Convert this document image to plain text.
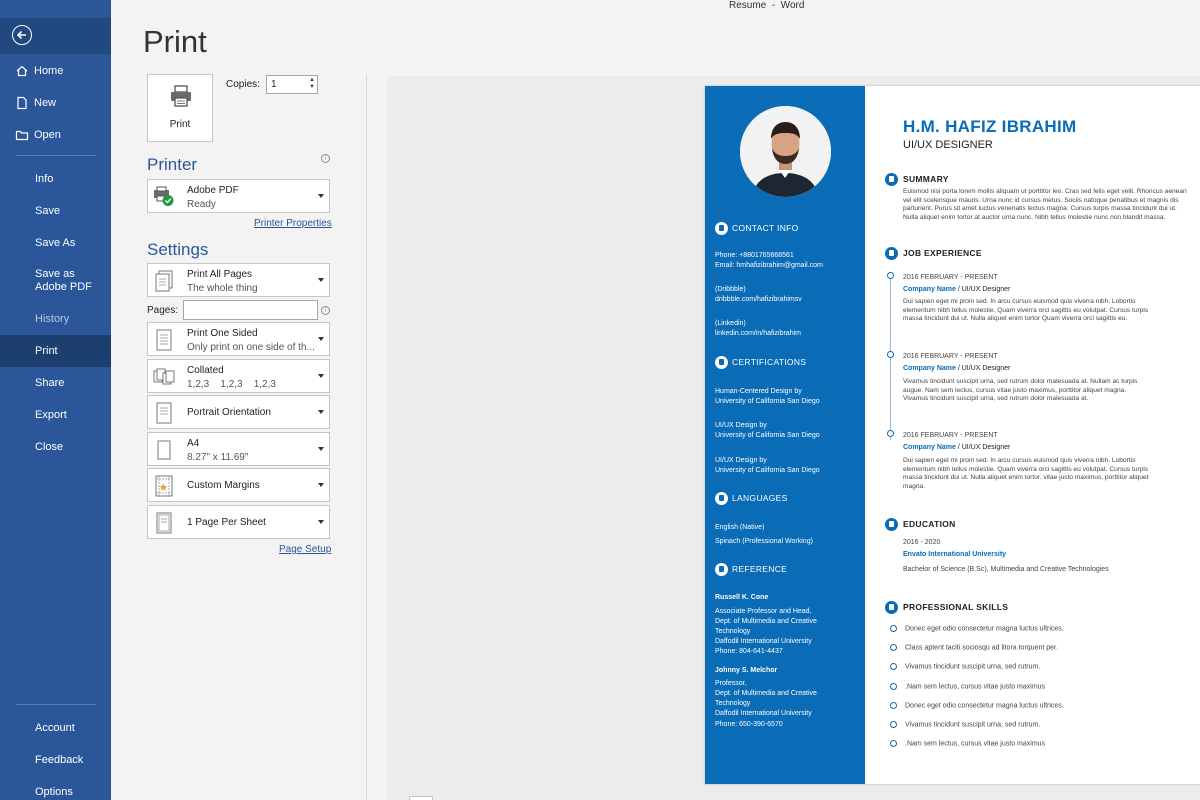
Home
New
Open
Info
Save
Save As
Save as Adobe PDF
History
Print
Share
Export
Close
Account
Feedback
Options
Resume  -  Word
Print
Print
Copies:	1	▲
▼
Printer	i
Adobe PDF
Ready
Printer Properties
Settings
Print All Pages
The whole thing
Pages:	i
Print One Sided
Only print on one side of th...
Collated
1,2,3    1,2,3    1,2,3
Portrait Orientation
A4
8.27" x 11.69"
Custom Margins
1 Page Per Sheet
Page Setup
CONTACT INFO
Phone: +8801765668561
Email: hmhafizibrahim@gmail.com
(Dribbble)
dribbble.com/hafizibrahimsv
(Linkedin)
linkedin.com/in/hafizibrahim
CERTIFICATIONS
Human-Centered Design by
University of California San Diego
UI/UX Design by
University of California San Diego
UI/UX Design by
University of California San Diego
LANGUAGES
English (Native)
Spinach (Professional Working)
REFERENCE
Russell K. Cone
Associate Professor and Head,
Dept. of Multimedia and Creative
Technology
Daffodil International University
Phone: 804-641-4437
Johnny S. Melchor
Professor,
Dept. of Multimedia and Creative
Technology
Daffodil International University
Phone: 650-390-6570
H.M. HAFIZ IBRAHIM
UI/UX DESIGNER
SUMMARY
Euismod nisi porta lorem mollis aliquam ut porttitor leo. Cras sed felis eget velit. Rhoncus aenean vel elit scelerisque mauris. Urna nunc id cursus metus. Sociis natoque penatibus et magnis dis parturient. Purus sit amet luctus venenatis lectus magna. Cursus turpis massa tincidunt dui ut. Nulla aliquet enim tortor at auctor urna nunc. Nibh tellus molestie nunc non blandit massa.
JOB EXPERIENCE
2016 FEBRUARY - PRESENT
Company Name / UI/UX Designer
Dui sapien eget mi proin sed. In arcu cursus euismod quis viverra nibh. Lobortis elementum nibh tellus molestie. Quam viverra orci sagittis eu volutpat. Cursus turpis massa tincidunt dui ut. Nulla aliquet enim tortor Quam viverra orci sagittis eu.
2016 FEBRUARY - PRESENT
Company Name / UI/UX Designer
Vivamus tincidunt suscipit urna, sed rutrum dolor malesuada at. Nullam ac turpis augue. Nam sem lectus, cursus vitae justo maximus, porttitor aliquet magna. Vivamus tincidunt suscipit urna, sed rutrum dolor malesuada at.
2016 FEBRUARY - PRESENT
Company Name / UI/UX Designer
Dui sapien eget mi proin sed. In arcu cursus euismod quis viverra nibh. Lobortis elementum nibh tellus molestie. Quam viverra orci sagittis eu volutpat. Cursus turpis massa tincidunt dui ut. Nulla aliquet enim tortor. vitae justo maximus, porttitor aliquet magna.
EDUCATION
2016 - 2020
Envato International University
Bachelor of Science (B.Sc), Multimedia and Creative Technologies
PROFESSIONAL SKILLS
Donec eget odio consectetur magna luctus ultrices.
Class aptent taciti sociosqu ad litora torquent per.
Vivamus tincidunt suscipit urna, sed rutrum.
.Nam sem lectus, cursus vitae justo maximus
Donec eget odio consectetur magna luctus ultrices.
Vivamus tincidunt suscipit urna, sed rutrum.
.Nam sem lectus, cursus vitae justo maximus
